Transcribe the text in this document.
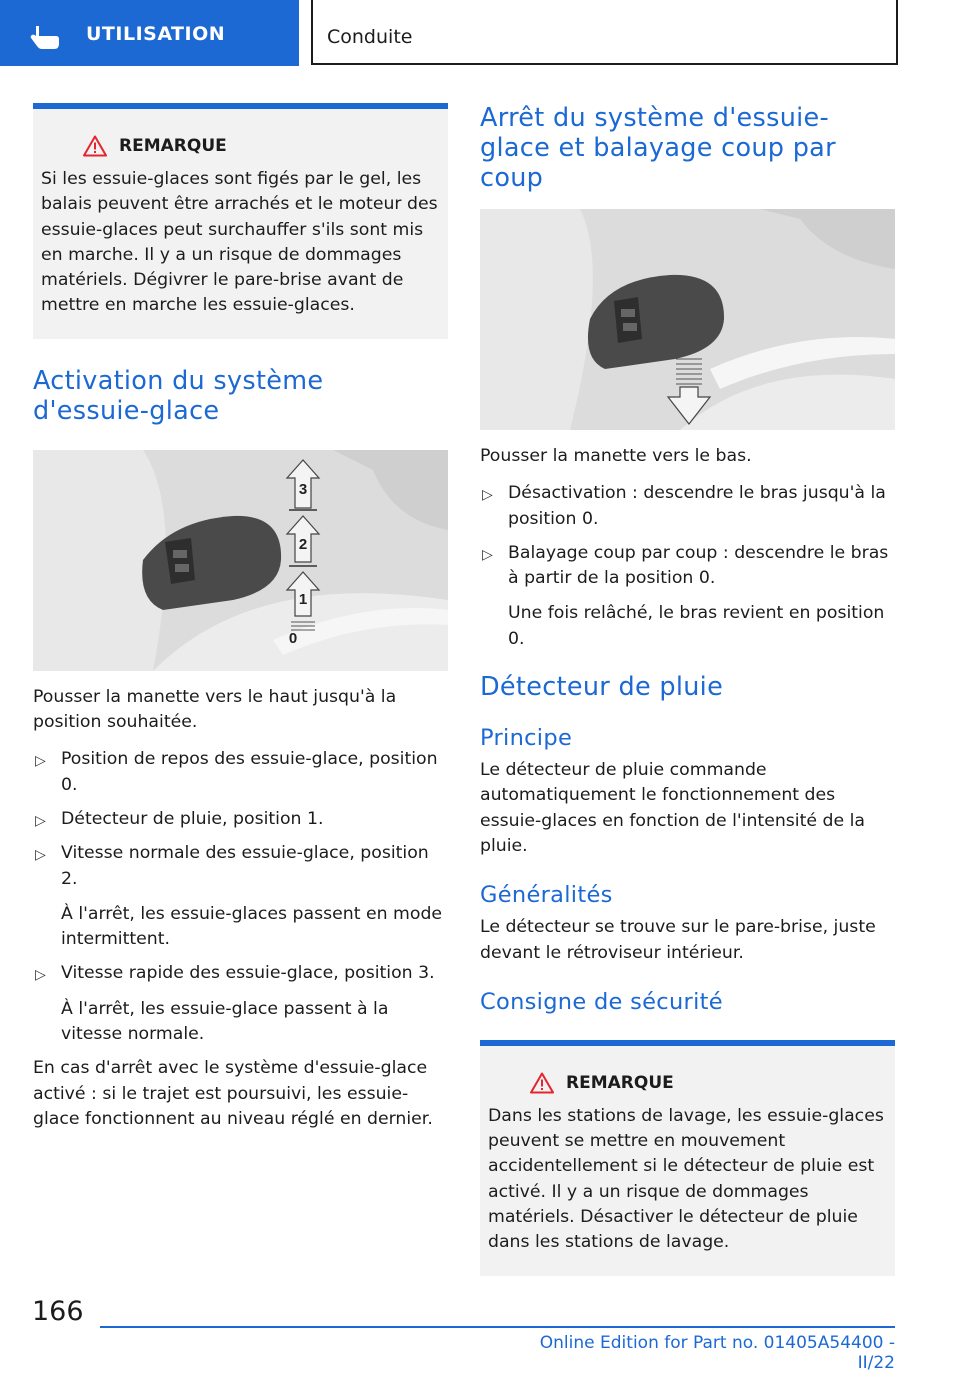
UTILISATION	Conduite
REMARQUE

Si les essuie-glaces sont figés par le gel, les balais peuvent être arrachés et le moteur des essuie-glaces peut surchauffer s'ils sont mis en marche. Il y a un risque de dommages matériels. Dégivrer le pare-brise avant de mettre en marche les essuie-glaces.

Activation du système d'essuie-glace
3
2
1
0

Pousser la manette vers le haut jusqu'à la position souhaitée.

▷ Position de repos des essuie-glace, position 0.
▷ Détecteur de pluie, position 1.
▷ Vitesse normale des essuie-glace, position 2.
À l'arrêt, les essuie-glaces passent en mode intermittent.
▷ Vitesse rapide des essuie-glace, position 3.
À l'arrêt, les essuie-glace passent à la vitesse normale.

En cas d'arrêt avec le système d'essuie-glace activé : si le trajet est poursuivi, les essuie-glace fonctionnent au niveau réglé en dernier.

Arrêt du système d'essuie-glace et balayage coup par coup

Pousser la manette vers le bas.

▷ Désactivation : descendre le bras jusqu'à la position 0.
▷ Balayage coup par coup : descendre le bras à partir de la position 0.
Une fois relâché, le bras revient en position 0.
Détecteur de pluie
Principe

Le détecteur de pluie commande automatiquement le fonctionnement des essuie-glaces en fonction de l'intensité de la pluie.

Généralités

Le détecteur se trouve sur le pare-brise, juste devant le rétroviseur intérieur.

Consigne de sécurité
REMARQUE

Dans les stations de lavage, les essuie-glaces peuvent se mettre en mouvement accidentellement si le détecteur de pluie est activé. Il y a un risque de dommages matériels. Désactiver le détecteur de pluie dans les stations de lavage.

166
Online Edition for Part no. 01405A54400 - II/22
